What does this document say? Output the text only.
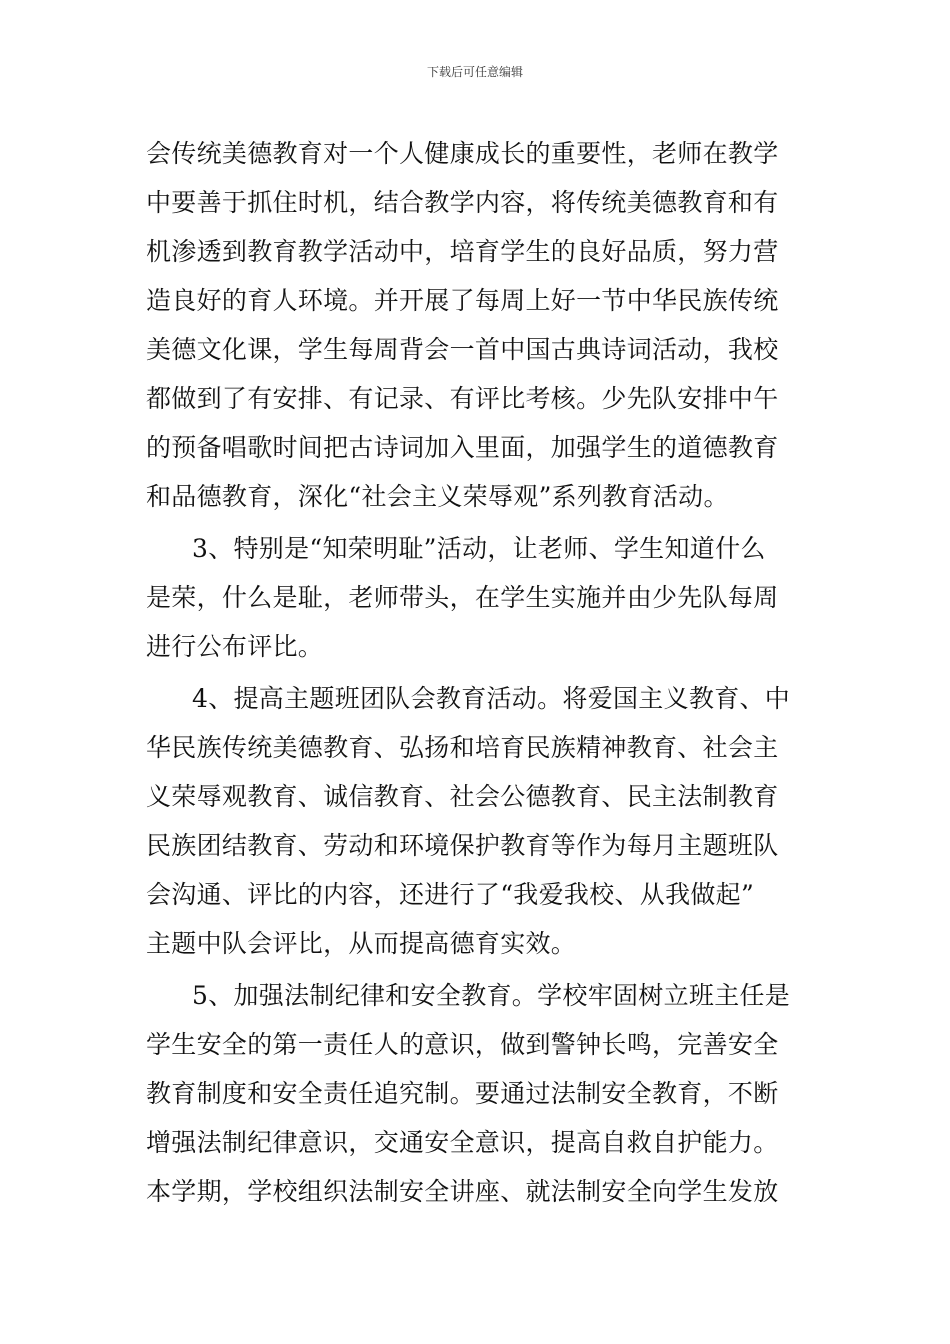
下载后可任意编辑
会传统美德教育对一个人健康成长的重要性，老师在教学
中要善于抓住时机，结合教学内容，将传统美德教育和有
机渗透到教育教学活动中，培育学生的良好品质，努力营
造良好的育人环境。并开展了每周上好一节中华民族传统
美德文化课，学生每周背会一首中国古典诗词活动，我校
都做到了有安排、有记录、有评比考核。少先队安排中午
的预备唱歌时间把古诗词加入里面，加强学生的道德教育
和品德教育，深化“社会主义荣辱观”系列教育活动。
3、特别是“知荣明耻”活动，让老师、学生知道什么
是荣，什么是耻，老师带头，在学生实施并由少先队每周
进行公布评比。
4、提高主题班团队会教育活动。将爱国主义教育、中
华民族传统美德教育、弘扬和培育民族精神教育、社会主
义荣辱观教育、诚信教育、社会公德教育、民主法制教育
民族团结教育、劳动和环境保护教育等作为每月主题班队
会沟通、评比的内容，还进行了“我爱我校、从我做起”
主题中队会评比，从而提高德育实效。
5、加强法制纪律和安全教育。学校牢固树立班主任是
学生安全的第一责任人的意识，做到警钟长鸣，完善安全
教育制度和安全责任追究制。要通过法制安全教育，不断
增强法制纪律意识，交通安全意识，提高自救自护能力。
本学期，学校组织法制安全讲座、就法制安全向学生发放
